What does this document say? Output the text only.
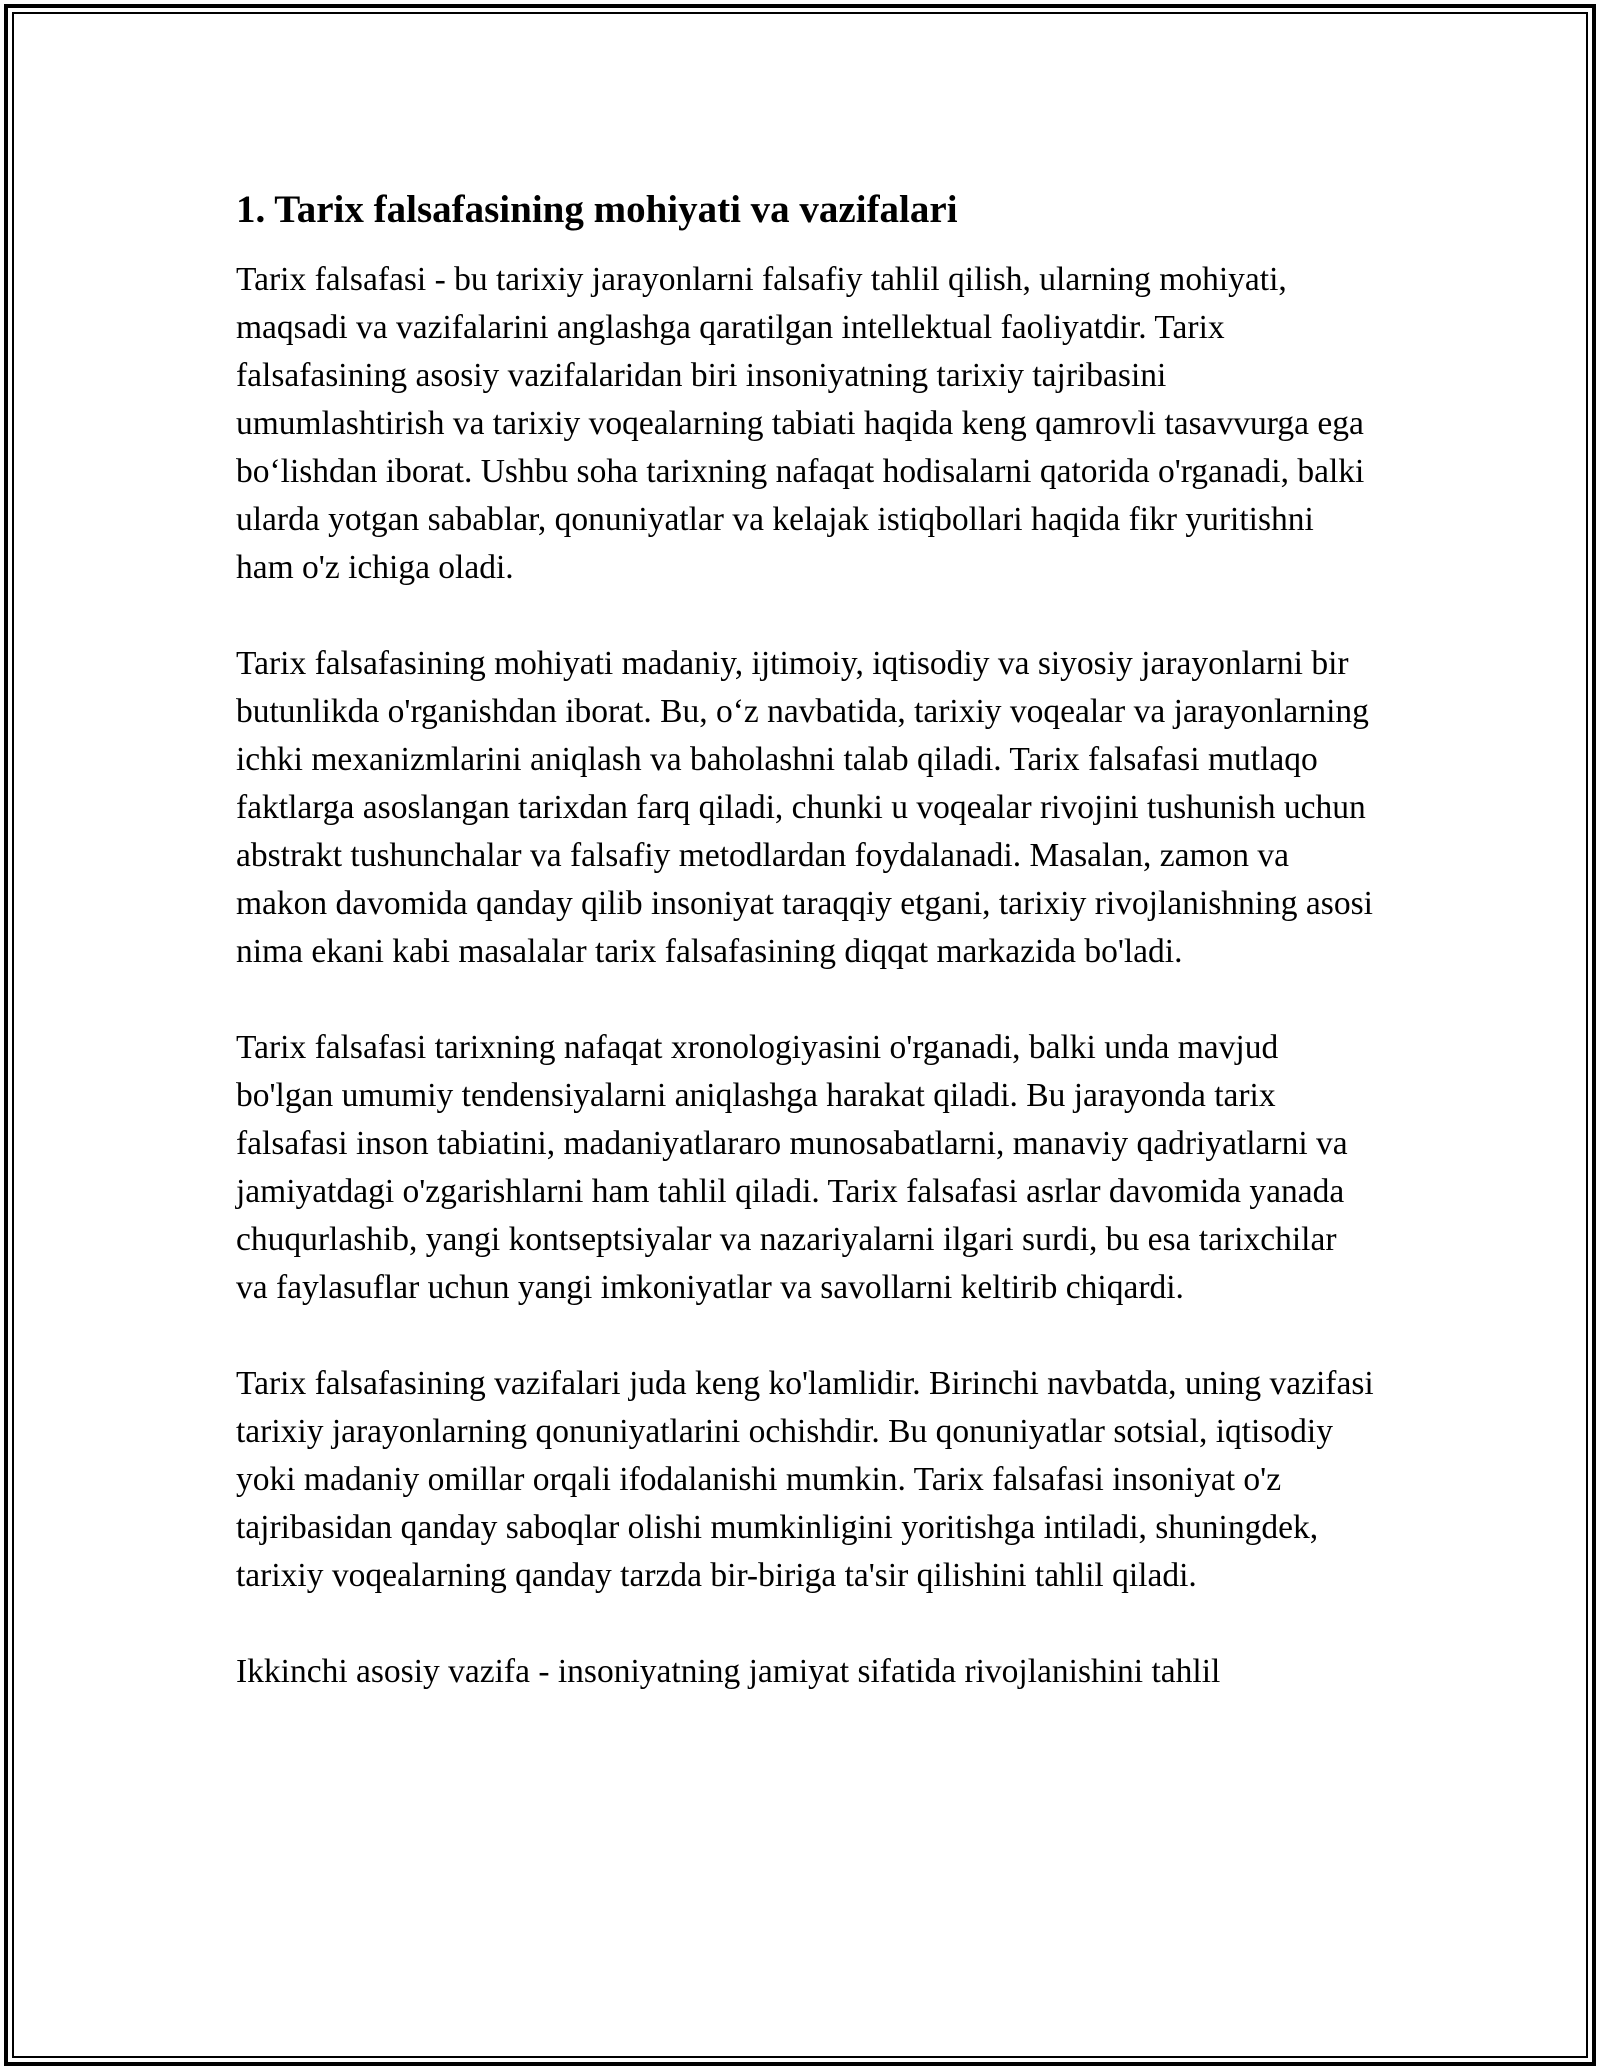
1. Tarix falsafasining mohiyati va vazifalari

Tarix falsafasi - bu tarixiy jarayonlarni falsafiy tahlil qilish, ularning mohiyati, maqsadi va vazifalarini anglashga qaratilgan intellektual faoliyatdir. Tarix falsafasining asosiy vazifalaridan biri insoniyatning tarixiy tajribasini umumlashtirish va tarixiy voqealarning tabiati haqida keng qamrovli tasavvurga ega bo‘lishdan iborat. Ushbu soha tarixning nafaqat hodisalarni qatorida o'rganadi, balki ularda yotgan sabablar, qonuniyatlar va kelajak istiqbollari haqida fikr yuritishni ham o'z ichiga oladi.

Tarix falsafasining mohiyati madaniy, ijtimoiy, iqtisodiy va siyosiy jarayonlarni bir butunlikda o'rganishdan iborat. Bu, o‘z navbatida, tarixiy voqealar va jarayonlarning ichki mexanizmlarini aniqlash va baholashni talab qiladi. Tarix falsafasi mutlaqo faktlarga asoslangan tarixdan farq qiladi, chunki u voqealar rivojini tushunish uchun abstrakt tushunchalar va falsafiy metodlardan foydalanadi. Masalan, zamon va makon davomida qanday qilib insoniyat taraqqiy etgani, tarixiy rivojlanishning asosi nima ekani kabi masalalar tarix falsafasining diqqat markazida bo'ladi.

Tarix falsafasi tarixning nafaqat xronologiyasini o'rganadi, balki unda mavjud bo'lgan umumiy tendensiyalarni aniqlashga harakat qiladi. Bu jarayonda tarix falsafasi inson tabiatini, madaniyatlararo munosabatlarni, manaviy qadriyatlarni va jamiyatdagi o'zgarishlarni ham tahlil qiladi. Tarix falsafasi asrlar davomida yanada chuqurlashib, yangi kontseptsiyalar va nazariyalarni ilgari surdi, bu esa tarixchilar va faylasuflar uchun yangi imkoniyatlar va savollarni keltirib chiqardi.

Tarix falsafasining vazifalari juda keng ko'lamlidir. Birinchi navbatda, uning vazifasi tarixiy jarayonlarning qonuniyatlarini ochishdir. Bu qonuniyatlar sotsial, iqtisodiy yoki madaniy omillar orqali ifodalanishi mumkin. Tarix falsafasi insoniyat o'z tajribasidan qanday saboqlar olishi mumkinligini yoritishga intiladi, shuningdek, tarixiy voqealarning qanday tarzda bir-biriga ta'sir qilishini tahlil qiladi.

Ikkinchi asosiy vazifa - insoniyatning jamiyat sifatida rivojlanishini tahlil
